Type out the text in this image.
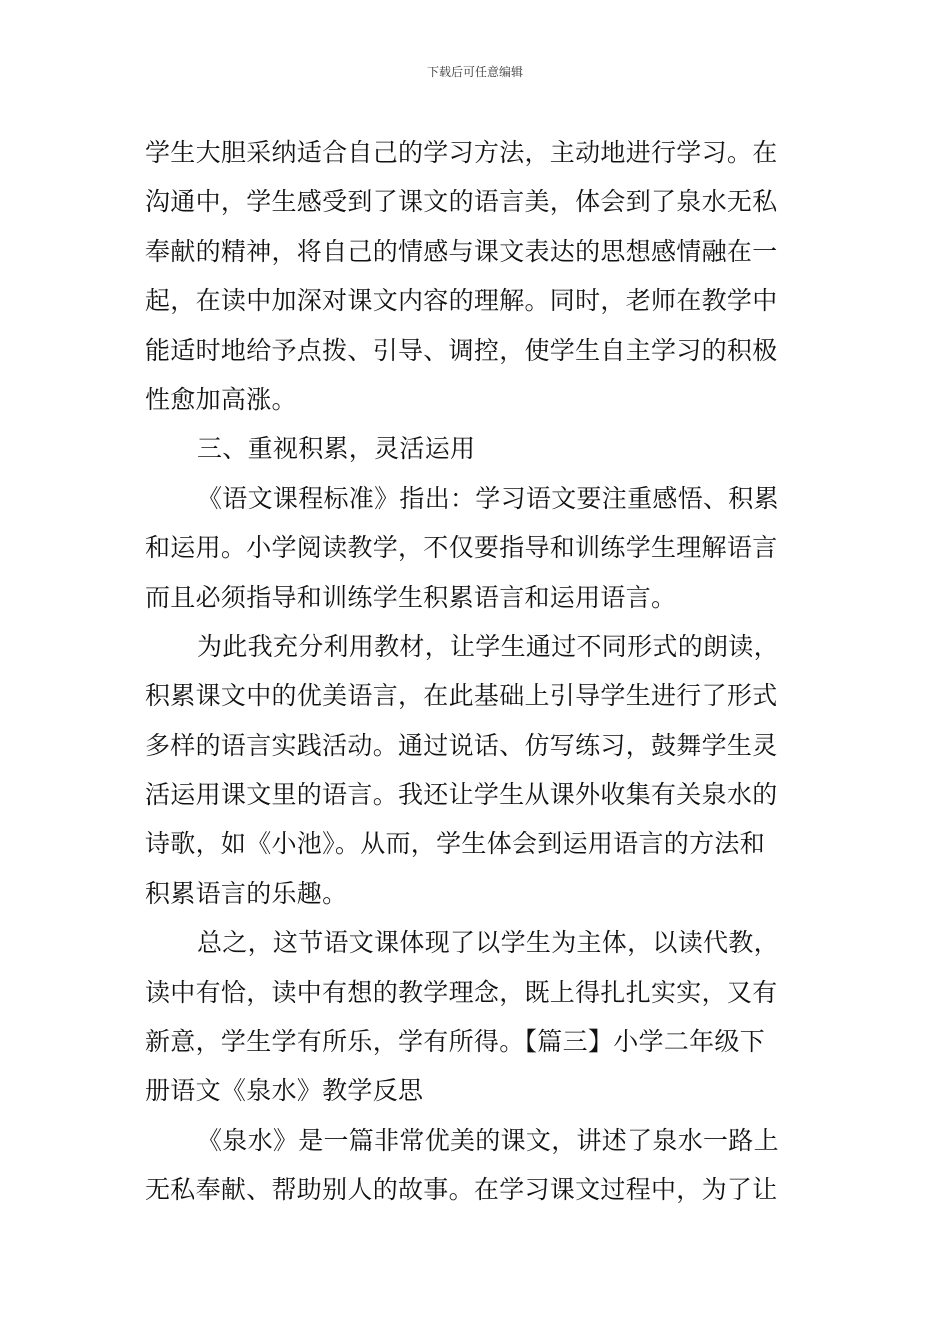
下载后可任意编辑
学生大胆采纳适合自己的学习方法，主动地进行学习。在
沟通中，学生感受到了课文的语言美，体会到了泉水无私
奉献的精神，将自己的情感与课文表达的思想感情融在一
起，在读中加深对课文内容的理解。同时，老师在教学中
能适时地给予点拨、引导、调控，使学生自主学习的积极
性愈加高涨。
三、重视积累，灵活运用
《语文课程标准》指出：学习语文要注重感悟、积累
和运用。小学阅读教学，不仅要指导和训练学生理解语言
而且必须指导和训练学生积累语言和运用语言。
为此我充分利用教材，让学生通过不同形式的朗读，
积累课文中的优美语言，在此基础上引导学生进行了形式
多样的语言实践活动。通过说话、仿写练习，鼓舞学生灵
活运用课文里的语言。我还让学生从课外收集有关泉水的
诗歌，如《小池》。从而，学生体会到运用语言的方法和
积累语言的乐趣。
总之，这节语文课体现了以学生为主体，以读代教，
读中有恰，读中有想的教学理念，既上得扎扎实实，又有
新意，学生学有所乐，学有所得。【篇三】小学二年级下
册语文《泉水》教学反思
《泉水》是一篇非常优美的课文，讲述了泉水一路上
无私奉献、帮助别人的故事。在学习课文过程中，为了让
